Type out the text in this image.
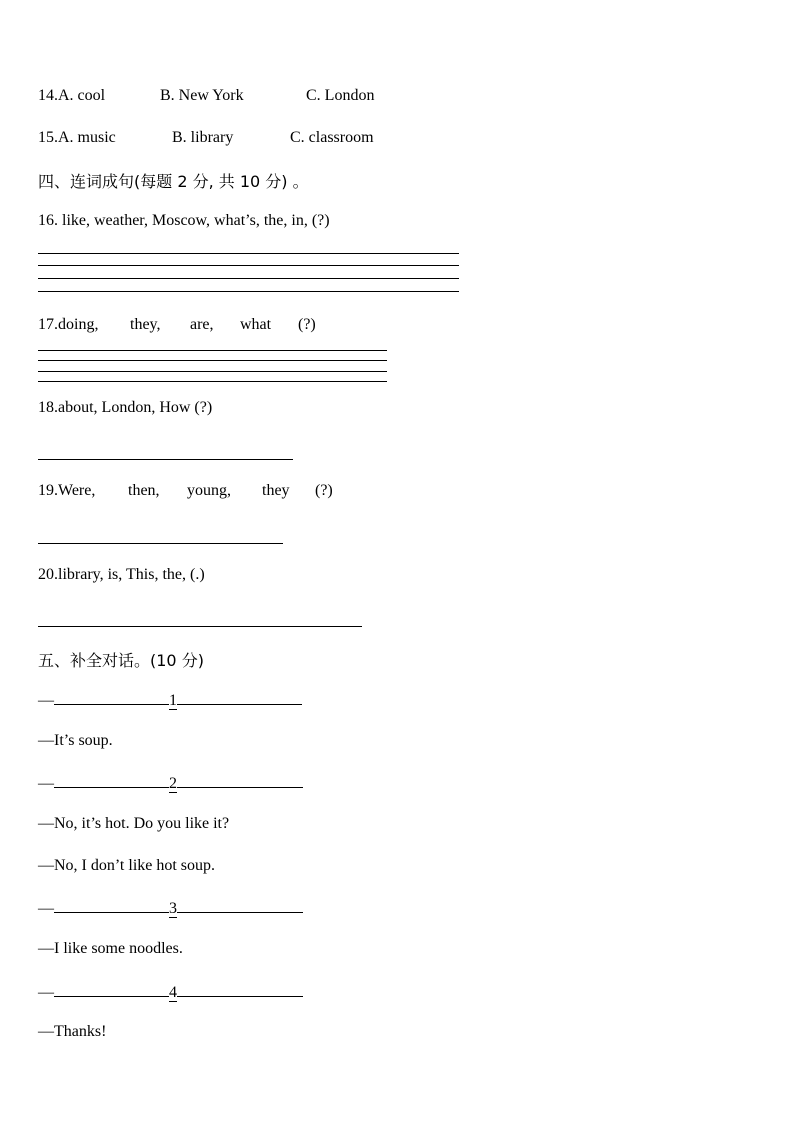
14.A. cool	B. New York	C. London
15.A. music	B. library	C. classroom
四、连词成句(每题 2 分, 共 10 分) 。
16. like, weather, Moscow, what’s, the, in, (?)
17.doing, they, are, what (?)
18.about, London, How (?)
19.Were, then, young, they (?)
20.library, is, This, the, (.)
五、补全对话。(10 分)
—	1
—It’s soup.
—	2
—No, it’s hot. Do you like it?
—No, I don’t like hot soup.
—	3
—I like some noodles.
—	4
—Thanks!
